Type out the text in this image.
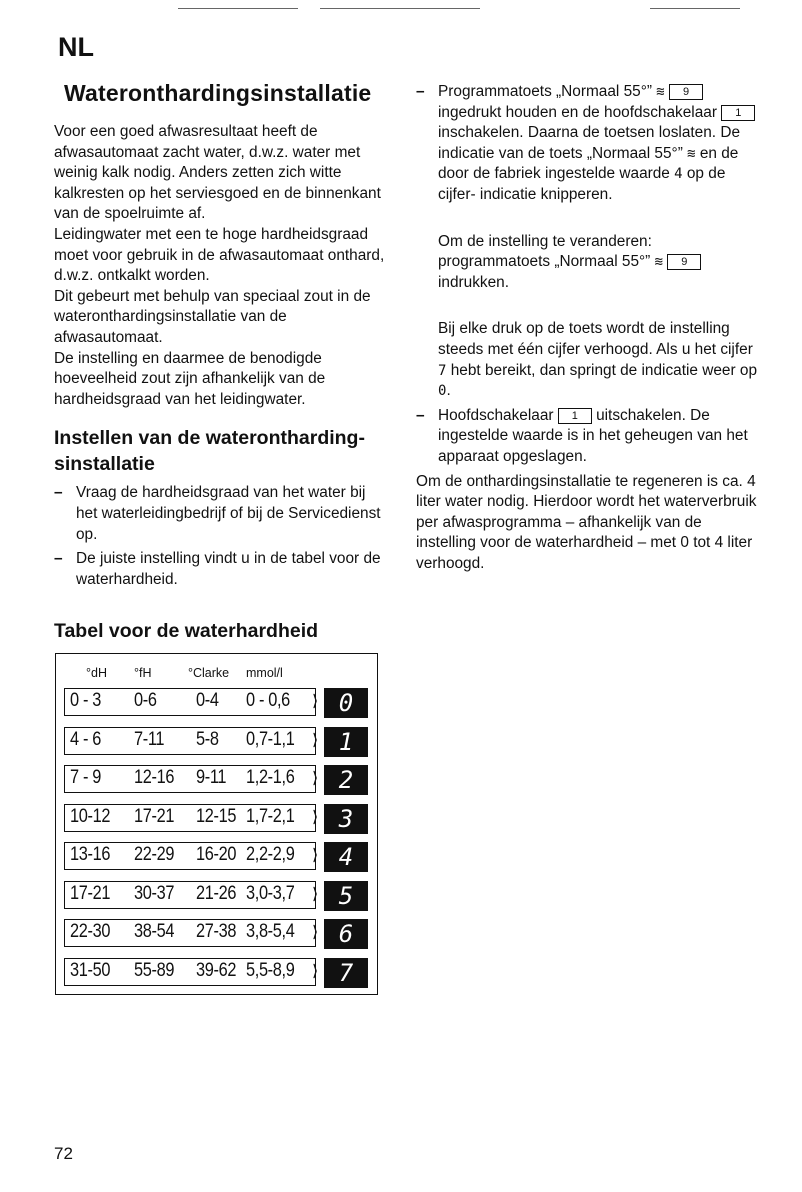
NL
Wateronthardingsinstallatie

Voor een goed afwasresultaat heeft de afwasautomaat zacht water, d.w.z. water met weinig kalk nodig. Anders zetten zich witte kalkresten op het serviesgoed en de binnenkant van de spoelruimte af.

Leidingwater met een te hoge hardheidsgraad moet voor gebruik in de afwasautomaat onthard, d.w.z. ontkalkt worden.

Dit gebeurt met behulp van speciaal zout in de wateronthardingsinstallatie van de afwasautomaat.

De instelling en daarmee de benodigde hoeveelheid zout zijn afhankelijk van de hardheidsgraad van het leidingwater.

Instellen van de wateronthardingsinstallatie
– Vraag de hardheidsgraad van het water bij het waterleidingbedrijf of bij de Servicedienst op.
– De juiste instelling vindt u in de tabel voor de waterhardheid.
Tabel voor de waterhardheid
°dH °fH	°Clarke mmol/l
0 - 3 0-6 0-4 0 - 0,6 ⟩ 0
4 - 6 7-11 5-8 0,7-1,1 ⟩ 1
7 - 9 12-16 9-11 1,2-1,6 ⟩ 2
10-12 17-21 12-15 1,7-2,1 ⟩ 3
13-16 22-29 16-20 2,2-2,9 ⟩ 4
17-21 30-37 21-26 3,0-3,7 ⟩ 5
22-30 38-54 27-38 3,8-5,4 ⟩ 6
31-50 55-89 39-62 5,5-8,9 ⟩ 7
– Programmatoets „Normaal 55°” ≋ 9 ingedrukt houden en de hoofdschakelaar 1 inschakelen. Daarna de toetsen loslaten. De indicatie van de toets „Normaal 55°” ≋ en de door de fabriek ingestelde waarde 4 op de cijfer- indicatie knipperen.
Om de instelling te veranderen: programmatoets „Normaal 55°” ≋ 9 indrukken.
Bij elke druk op de toets wordt de instelling steeds met één cijfer verhoogd. Als u het cijfer 7 hebt bereikt, dan springt de indicatie weer op 0.
– Hoofdschakelaar 1 uitschakelen. De ingestelde waarde is in het geheugen van het apparaat opgeslagen.

Om de onthardingsinstallatie te regeneren is ca. 4 liter water nodig. Hierdoor wordt het waterverbruik per afwasprogramma – afhankelijk van de instelling voor de waterhardheid – met 0 tot 4 liter verhoogd.

72
